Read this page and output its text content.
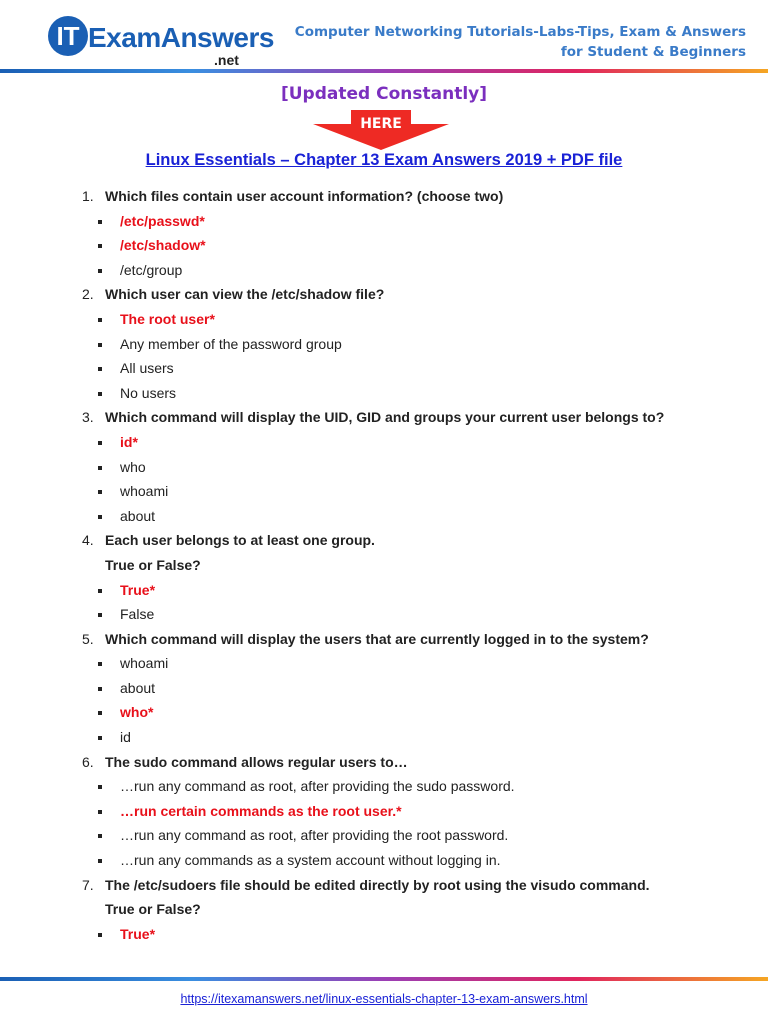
IT ExamAnswers
.net
Computer Networking Tutorials-Labs-Tips, Exam & Answers
for Student & Beginners
[Updated Constantly]
HERE
Linux Essentials – Chapter 13 Exam Answers 2019 + PDF file
1. Which files contain user account information? (choose two)
/etc/passwd*
/etc/shadow*
/etc/group
2. Which user can view the /etc/shadow file?
The root user*
Any member of the password group
All users
No users
3. Which command will display the UID, GID and groups your current user belongs to?
id*
who
whoami
about
4. Each user belongs to at least one group.
True or False?
True*
False
5. Which command will display the users that are currently logged in to the system?
whoami
about
who*
id
6. The sudo command allows regular users to…
…run any command as root, after providing the sudo password.
…run certain commands as the root user.*
…run any command as root, after providing the root password.
…run any commands as a system account without logging in.
7. The /etc/sudoers file should be edited directly by root using the visudo command.
True or False?
True*
https://itexamanswers.net/linux-essentials-chapter-13-exam-answers.html
